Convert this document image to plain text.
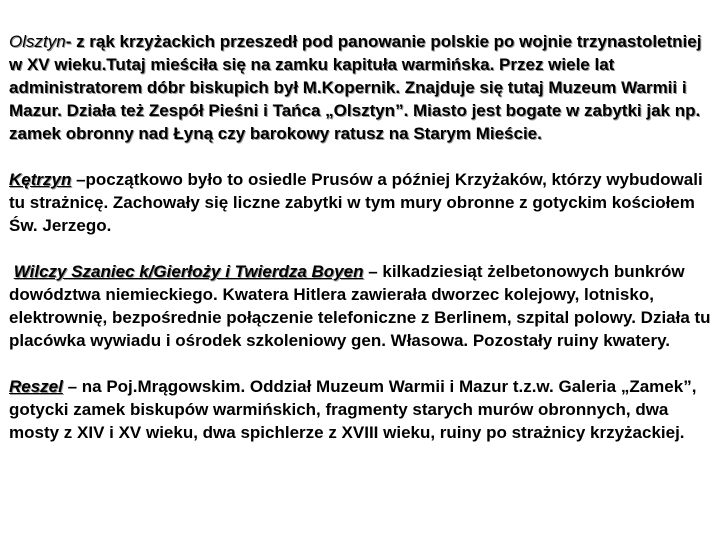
Olsztyn- z rąk krzyżackich przeszedł pod panowanie polskie po wojnie trzynastoletniej w XV wieku.Tutaj mieściła się na zamku kapituła warmińska. Przez wiele lat administratorem dóbr biskupich był M.Kopernik. Znajduje się tutaj Muzeum Warmii i Mazur. Działa też Zespół Pieśni i Tańca „Olsztyn”. Miasto jest bogate w zabytki jak np. zamek obronny nad Łyną czy barokowy ratusz na Starym Mieście.

Kętrzyn –początkowo było to osiedle Prusów a później Krzyżaków, którzy wybudowali tu strażnicę. Zachowały się liczne zabytki w tym mury obronne z gotyckim kościołem Św. Jerzego.

Wilczy Szaniec k/Gierłoży i Twierdza Boyen – kilkadziesiąt żelbetonowych bunkrów dowództwa niemieckiego. Kwatera Hitlera zawierała dworzec kolejowy, lotnisko, elektrownię, bezpośrednie połączenie telefoniczne z Berlinem, szpital polowy. Działa tu placówka wywiadu i ośrodek szkoleniowy gen. Własowa. Pozostały ruiny kwatery.

Reszel – na Poj.Mrągowskim. Oddział Muzeum Warmii i Mazur t.z.w. Galeria „Zamek”, gotycki zamek biskupów warmińskich, fragmenty starych murów obronnych, dwa mosty z XIV i XV wieku, dwa spichlerze z XVIII wieku, ruiny po strażnicy krzyżackiej.
